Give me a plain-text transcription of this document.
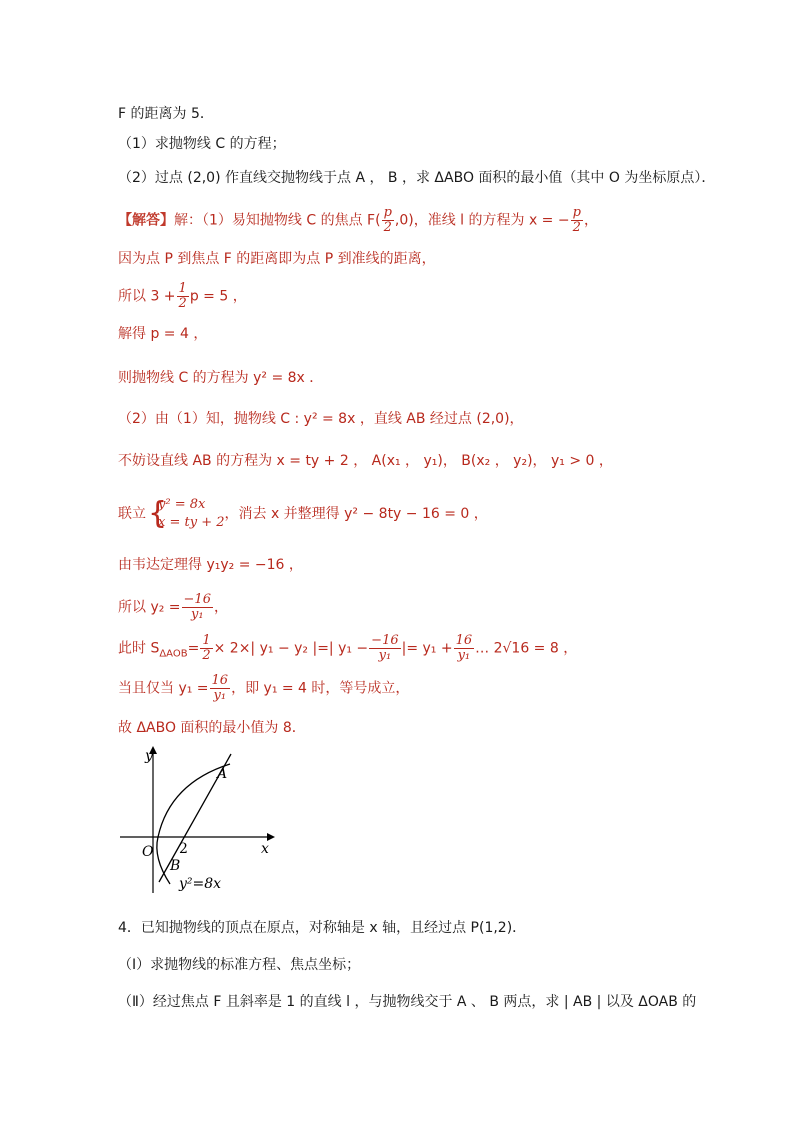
F 的距离为 5．
（1）求抛物线 C 的方程；
（2）过点 (2,0) 作直线交抛物线于点 A ， B ，求 ΔABO 面积的最小值（其中 O 为坐标原点）．
【解答】解：（1）易知抛物线 C 的焦点 $F( \frac{p}{2} ,0)$，准线 l 的方程为 x = − $\frac{p}{2}$ ，
因为点 P 到焦点 F 的距离即为点 P 到准线的距离，
所以 $3 + \frac{1}{2}$ p = 5 ，
解得 p = 4 ，
则抛物线 C 的方程为 y² = 8x ．
（2）由（1）知，抛物线 C : y² = 8x ，直线 AB 经过点 (2,0)，
不妨设直线 AB 的方程为 x = ty + 2 ， A(x₁ ， y₁)， B(x₂ ， y₂)， y₁ > 0 ，
联立 {
y² = 8x
x = ty + 2
，消去 x 并整理得 y² − 8ty − 16 = 0 ，
由韦达定理得 y₁y₂ = −16 ，
所以 $y_2 = \frac{-16}{\text{y₁}}$ ，
此时 $S_{\Delta AOB}= \frac{1}{2} \times 2\times|$ y₁ − y₂ |=| $y_1 - \frac{-16}{\text{y₁}}$ |= $y_1 + \frac{16}{\text{y₁}}$ … 2√16 = 8 ，
当且仅当 $y_1 = \frac{16}{\text{y₁}}$ ，即 y₁ = 4 时，等号成立，
故 ΔABO 面积的最小值为 8．
y
x
O 2
A
B
y²=8x
4．已知抛物线的顶点在原点，对称轴是 x 轴，且经过点 P(1,2)．
（Ⅰ）求抛物线的标准方程、焦点坐标；
（Ⅱ）经过焦点 F 且斜率是 1 的直线 l ，与抛物线交于 A 、 B 两点，求 | AB | 以及 ΔOAB 的
